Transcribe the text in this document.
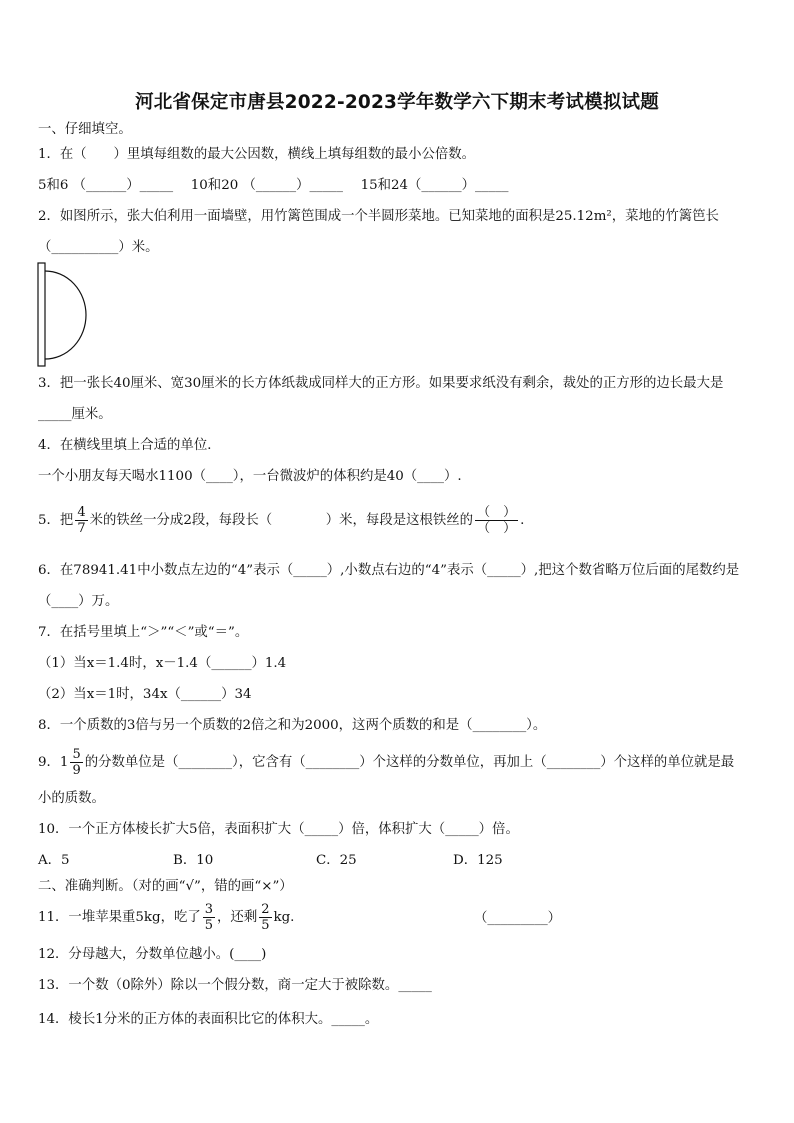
河北省保定市唐县2022-2023学年数学六下期末考试模拟试题
一、仔细填空。
1．在（　　）里填每组数的最大公因数，横线上填每组数的最小公倍数。
5和6 （______）_____　 10和20 （______）_____　 15和24（______）_____
2．如图所示，张大伯利用一面墙壁，用竹篱笆围成一个半圆形菜地。已知菜地的面积是25.12m²，菜地的竹篱笆长
（__________）米。
3．把一张长40厘米、宽30厘米的长方体纸裁成同样大的正方形。如果要求纸没有剩余，裁处的正方形的边长最大是
_____厘米。
4．在横线里填上合适的单位．
一个小朋友每天喝水1100（____），一台微波炉的体积约是40（____）.
5．把 $\frac{4}{7}$ 米的铁丝一分成2段，每段长（　　　　）米，每段是这根铁丝的 $\frac{( )}{( )}$ .
6．在78941.41中小数点左边的“4”表示（_____）,小数点右边的“4”表示（_____）,把这个数省略万位后面的尾数约是
（____）万。
7．在括号里填上“＞”“＜”或“＝”。
（1）当x＝1.4时，x－1.4（______）1.4
（2）当x＝1时，34x（______）34
8．一个质数的3倍与另一个质数的2倍之和为2000，这两个质数的和是（________）。
9． $1 \frac{5}{9}$ 的分数单位是（________），它含有（________）个这样的分数单位，再加上（________）个这样的单位就是最
小的质数。
10．一个正方体棱长扩大5倍，表面积扩大（_____）倍，体积扩大（_____）倍。
A．5	B．10	C．25	D．125
二、准确判断。（对的画“√”，错的画“×”）
11．一堆苹果重5kg，吃了 $\frac{3}{5}$ ，还剩 $\frac{2}{5}$ kg.	（_________）
12．分母越大，分数单位越小。(____)
13．一个数（0除外）除以一个假分数，商一定大于被除数。_____
14．棱长1分米的正方体的表面积比它的体积大。_____。
